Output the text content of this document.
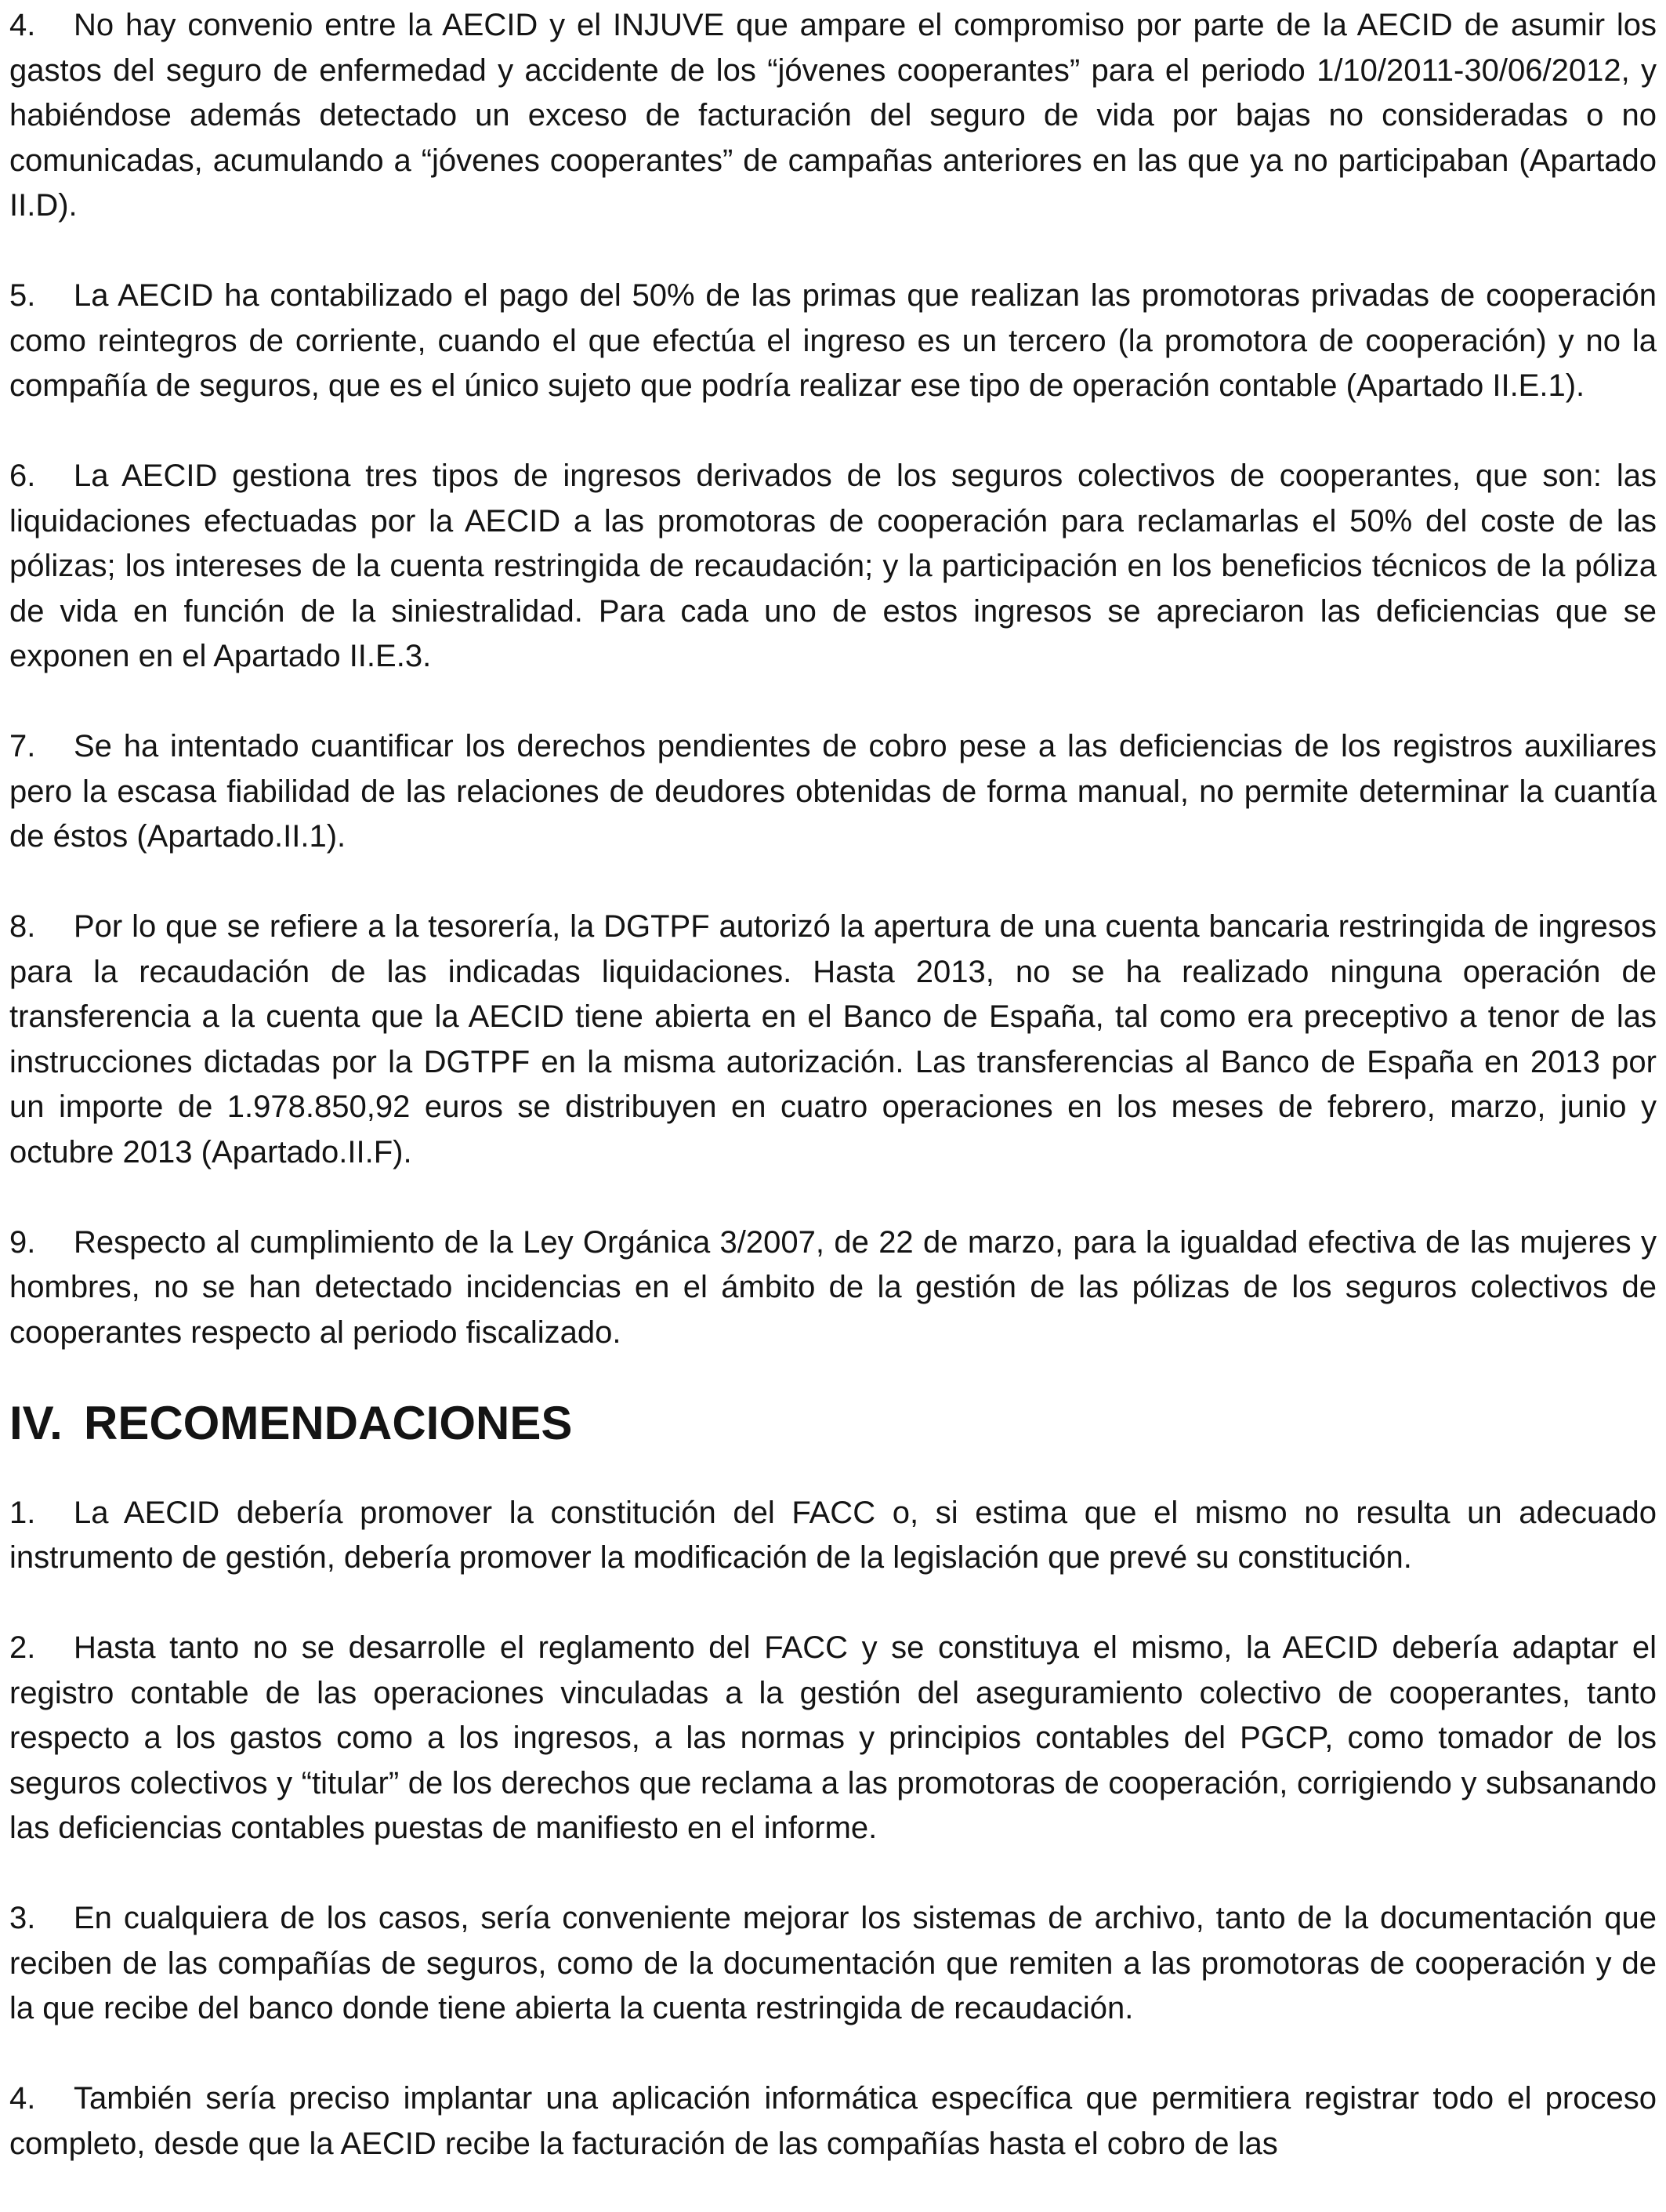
4. No hay convenio entre la AECID y el INJUVE que ampare el compromiso por parte de la AECID de asumir los gastos del seguro de enfermedad y accidente de los “jóvenes cooperantes” para el periodo 1/10/2011-30/06/2012, y habiéndose además detectado un exceso de facturación del seguro de vida por bajas no consideradas o no comunicadas, acumulando a “jóvenes cooperantes” de campañas anteriores en las que ya no participaban (Apartado II.D).

5. La AECID ha contabilizado el pago del 50% de las primas que realizan las promotoras privadas de cooperación como reintegros de corriente, cuando el que efectúa el ingreso es un tercero (la promotora de cooperación) y no la compañía de seguros, que es el único sujeto que podría realizar ese tipo de operación contable (Apartado II.E.1).

6. La AECID gestiona tres tipos de ingresos derivados de los seguros colectivos de cooperantes, que son: las liquidaciones efectuadas por la AECID a las promotoras de cooperación para reclamarlas el 50% del coste de las pólizas; los intereses de la cuenta restringida de recaudación; y la participación en los beneficios técnicos de la póliza de vida en función de la siniestralidad. Para cada uno de estos ingresos se apreciaron las deficiencias que se exponen en el Apartado II.E.3.

7. Se ha intentado cuantificar los derechos pendientes de cobro pese a las deficiencias de los registros auxiliares pero la escasa fiabilidad de las relaciones de deudores obtenidas de forma manual, no permite determinar la cuantía de éstos (Apartado.II.1).

8. Por lo que se refiere a la tesorería, la DGTPF autorizó la apertura de una cuenta bancaria restringida de ingresos para la recaudación de las indicadas liquidaciones. Hasta 2013, no se ha realizado ninguna operación de transferencia a la cuenta que la AECID tiene abierta en el Banco de España, tal como era preceptivo a tenor de las instrucciones dictadas por la DGTPF en la misma autorización. Las transferencias al Banco de España en 2013 por un importe de 1.978.850,92 euros se distribuyen en cuatro operaciones en los meses de febrero, marzo, junio y octubre 2013 (Apartado.II.F).

9. Respecto al cumplimiento de la Ley Orgánica 3/2007, de 22 de marzo, para la igualdad efectiva de las mujeres y hombres, no se han detectado incidencias en el ámbito de la gestión de las pólizas de los seguros colectivos de cooperantes respecto al periodo fiscalizado.

IV. RECOMENDACIONES

1. La AECID debería promover la constitución del FACC o, si estima que el mismo no resulta un adecuado instrumento de gestión, debería promover la modificación de la legislación que prevé su constitución.

2. Hasta tanto no se desarrolle el reglamento del FACC y se constituya el mismo, la AECID debería adaptar el registro contable de las operaciones vinculadas a la gestión del aseguramiento colectivo de cooperantes, tanto respecto a los gastos como a los ingresos, a las normas y principios contables del PGCP, como tomador de los seguros colectivos y “titular” de los derechos que reclama a las promotoras de cooperación, corrigiendo y subsanando las deficiencias contables puestas de manifiesto en el informe.

3. En cualquiera de los casos, sería conveniente mejorar los sistemas de archivo, tanto de la documentación que reciben de las compañías de seguros, como de la documentación que remiten a las promotoras de cooperación y de la que recibe del banco donde tiene abierta la cuenta restringida de recaudación.

4. También sería preciso implantar una aplicación informática específica que permitiera registrar todo el proceso completo, desde que la AECID recibe la facturación de las compañías hasta el cobro de las
